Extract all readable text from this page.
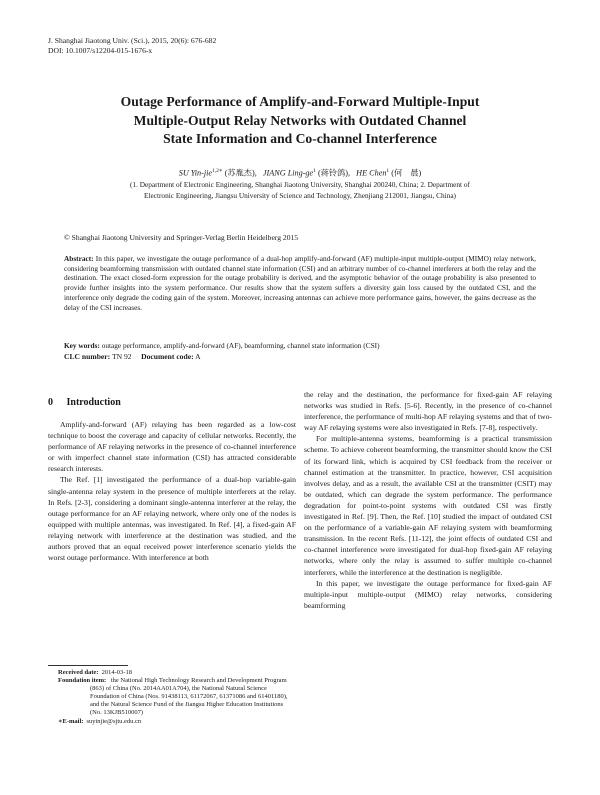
J. Shanghai Jiaotong Univ. (Sci.), 2015, 20(6): 676-682
DOI: 10.1007/s12204-015-1676-x
Outage Performance of Amplify-and-Forward Multiple-Input
Multiple-Output Relay Networks with Outdated Channel
State Information and Co-channel Interference
SU Yin-jie$^{1,2∗}$ (苏胤杰),   JIANG Ling-$ge^1$ (蒋铃鸽),   HE Chen$^1$ (何　晨)
(1. Department of Electronic Engineering, Shanghai Jiaotong University, Shanghai 200240, China; 2. Department of
Electronic Engineering, Jiangsu University of Science and Technology, Zhenjiang 212001, Jiangsu, China)
© Shanghai Jiaotong University and Springer-Verlag Berlin Heidelberg 2015
Abstract: In this paper, we investigate the outage performance of a dual-hop amplify-and-forward (AF) multiple-input multiple-output (MIMO) relay network, considering beamforming transmission with outdated channel state information (CSI) and an arbitrary number of co-channel interferers at both the relay and the destination. The exact closed-form expression for the outage probability is derived, and the asymptotic behavior of the outage probability is also presented to provide further insights into the system performance. Our results show that the system suffers a diversity gain loss caused by the outdated CSI, and the interference only degrade the coding gain of the system. Moreover, increasing antennas can achieve more performance gains, however, the gains decrease as the delay of the CSI increases.
Key words: outage performance, amplify-and-forward (AF), beamforming, channel state information (CSI)
CLC number: TN 92 Document code: A
0 Introduction

Amplify-and-forward (AF) relaying has been regarded as a low-cost technique to boost the coverage and capacity of cellular networks. Recently, the performance of AF relaying networks in the presence of co-channel interference or with imperfect channel state information (CSI) has attracted considerable research interests.

The Ref. [1] investigated the performance of a dual-hop variable-gain single-antenna relay system in the presence of multiple interferers at the relay. In Refs. [2-3], considering a dominant single-antenna interferer at the relay, the outage performance for an AF relaying network, where only one of the nodes is equipped with multiple antennas, was investigated. In Ref. [4], a fixed-gain AF relaying network with interference at the destination was studied, and the authors proved that an equal received power interference scenario yields the worst outage performance. With interference at both

the relay and the destination, the performance for fixed-gain AF relaying networks was studied in Refs. [5-6]. Recently, in the presence of co-channel interference, the performance of multi-hop AF relaying systems and that of two-way AF relaying systems were also investigated in Refs. [7-8], respectively.

For multiple-antenna systems, beamforming is a practical transmission scheme. To achieve coherent beamforming, the transmitter should know the CSI of its forward link, which is acquired by CSI feedback from the receiver or channel estimation at the transmitter. In practice, however, CSI acquisition involves delay, and as a result, the available CSI at the transmitter (CSIT) may be outdated, which can degrade the system performance. The performance degradation for point-to-point systems with outdated CSI was firstly investigated in Ref. [9]. Then, the Ref. [10] studied the impact of outdated CSI on the performance of a variable-gain AF relaying system with beamforming transmission. In the recent Refs. [11-12], the joint effects of outdated CSI and co-channel interference were investigated for dual-hop fixed-gain AF relaying networks, where only the relay is assumed to suffer multiple co-channel interferers, while the interference at the destination is negligible.

In this paper, we investigate the outage performance for fixed-gain AF multiple-input multiple-output (MIMO) relay networks, considering beamforming

Received date: 2014-03-18
Foundation item: the National High Technology Research and Development Program (863) of China (No. 2014AA01A704), the National Natural Science Foundation of China (Nos. 91438113, 61172067, 61371086 and 61401180), and the Natural Science Fund of the Jiangsu Higher Education Institutions (No. 13KJB510007)
∗E-mail: suyinjie@sjtu.edu.cn
